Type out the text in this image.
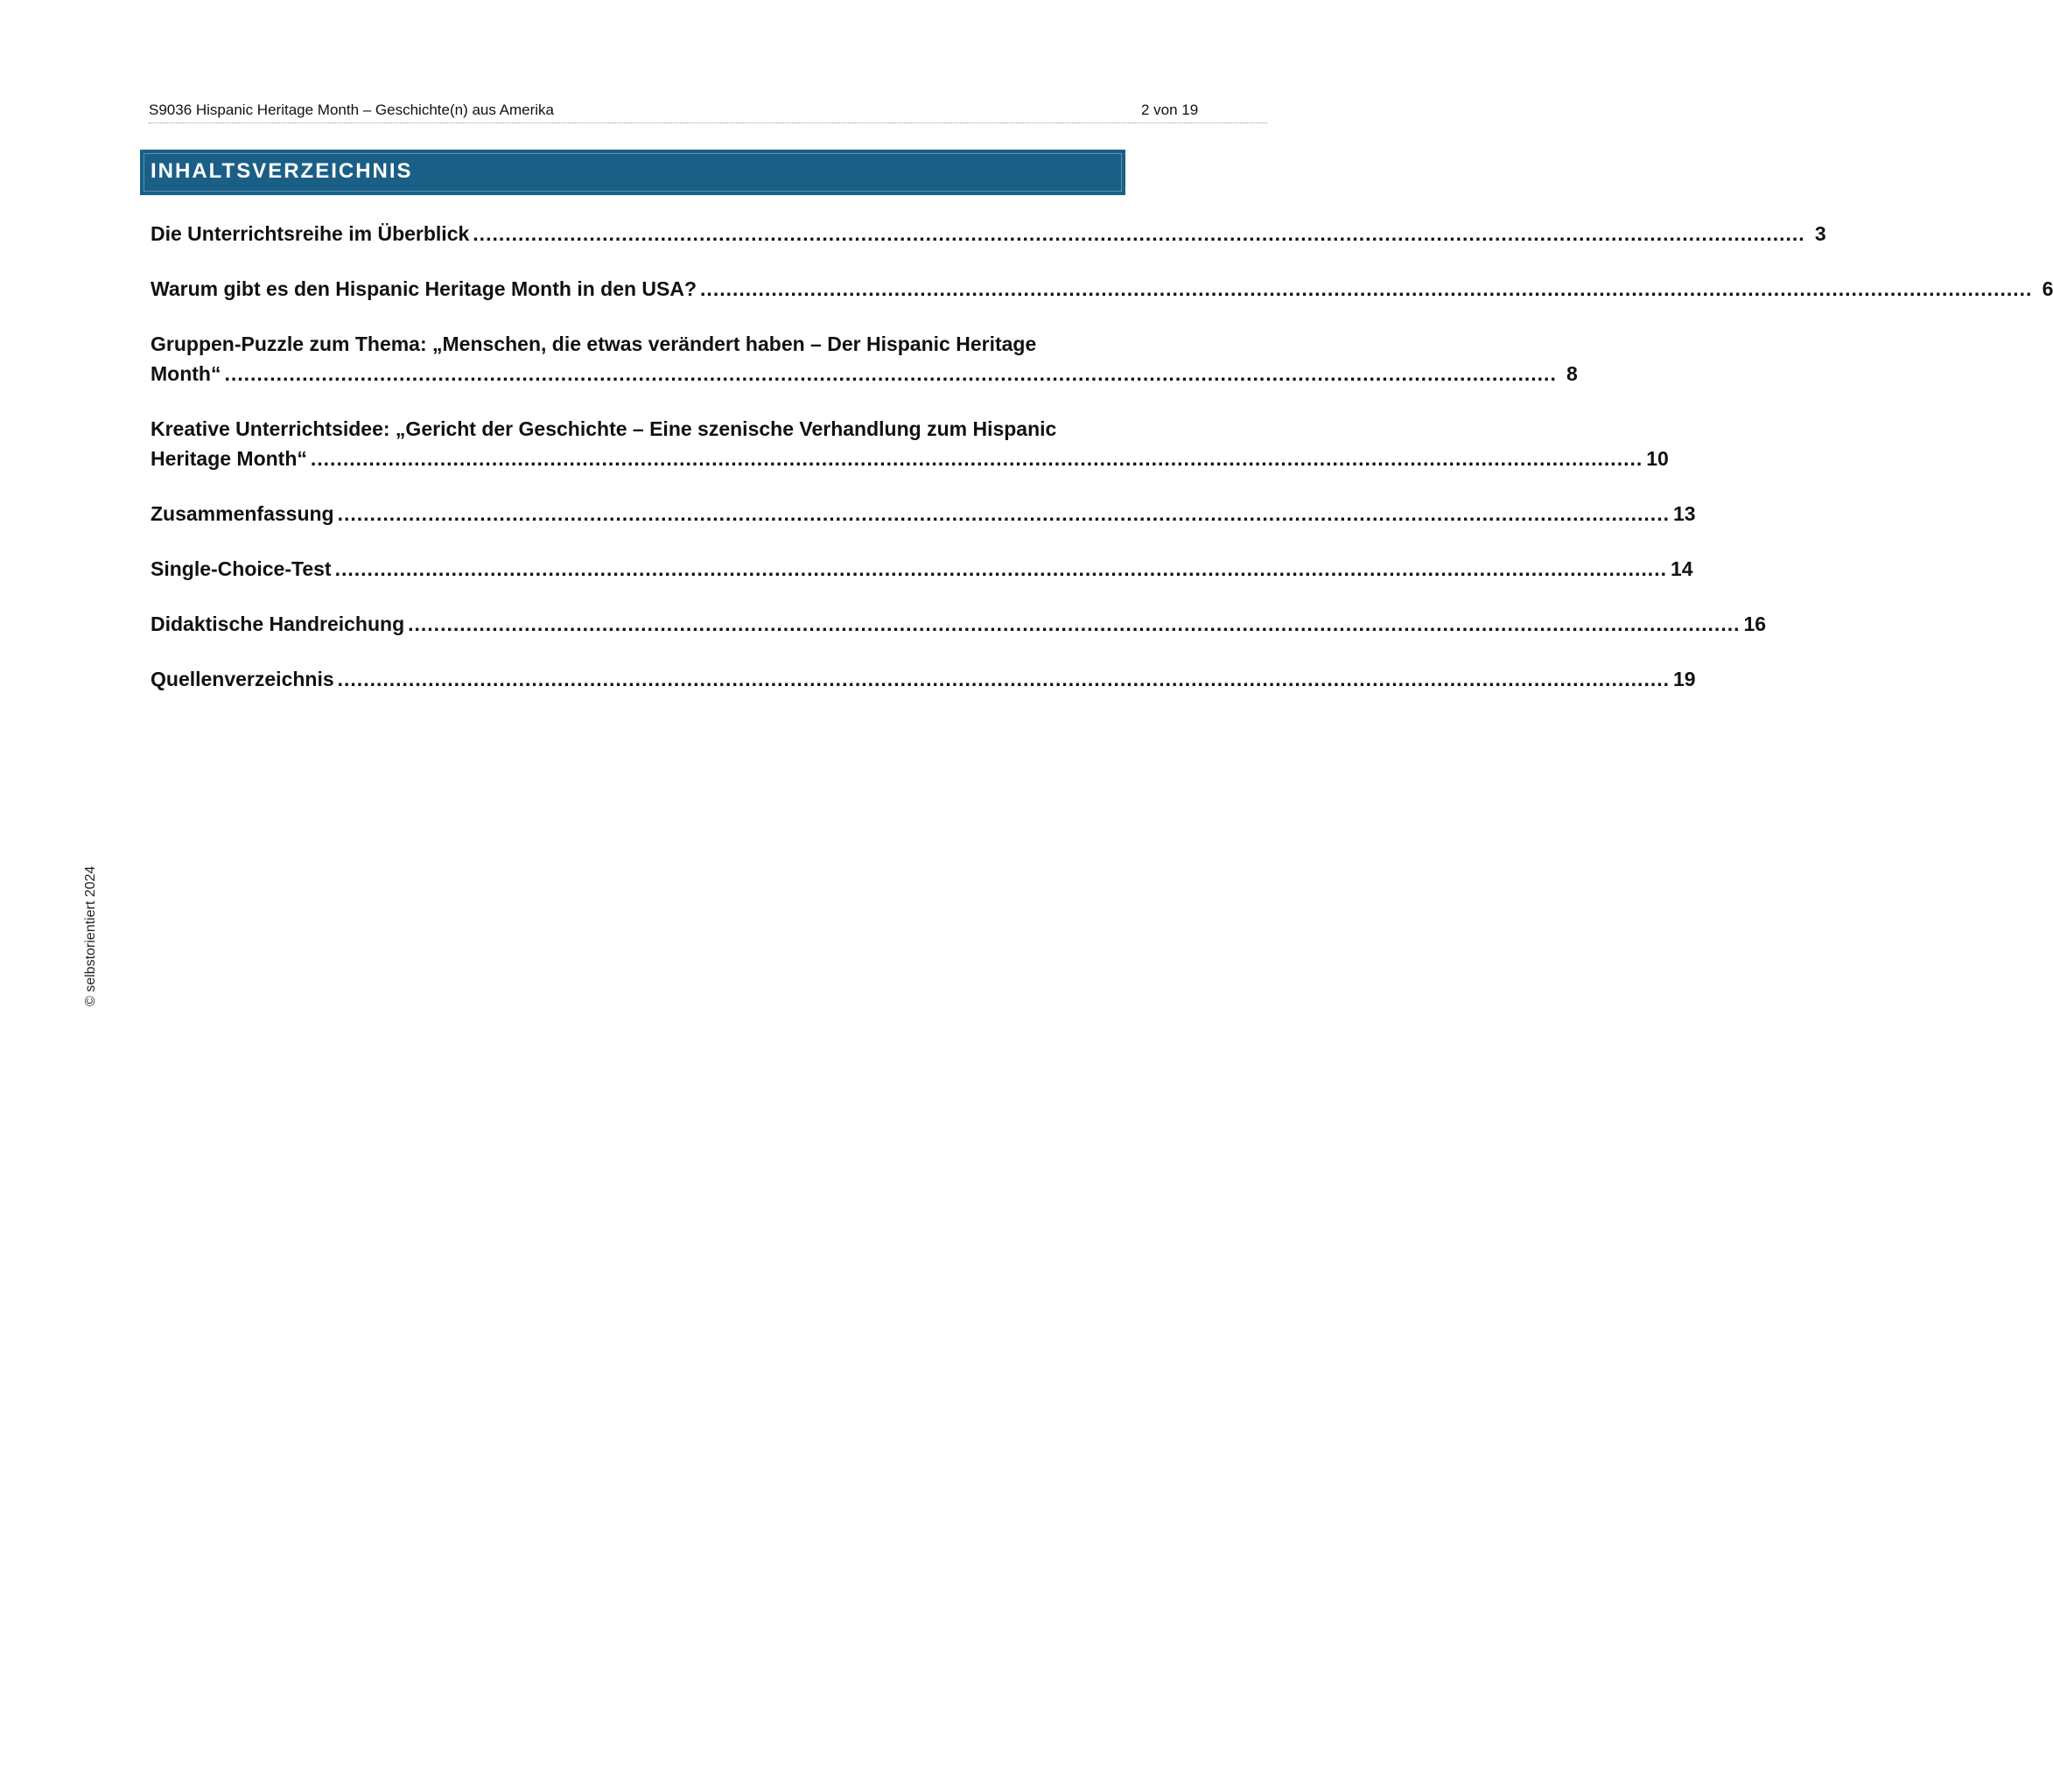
S9036 Hispanic Heritage Month – Geschichte(n) aus Amerika	2 von 19
INHALTSVERZEICHNIS
Die Unterrichtsreihe im Überblick .............................................................................................................................................................................................................. 3
Warum gibt es den Hispanic Heritage Month in den USA? .............................................................................................................................................................................................................. 6
Gruppen-Puzzle zum Thema: „Menschen, die etwas verändert haben – Der Hispanic Heritage
Month“ .............................................................................................................................................................................................................. 8
Kreative Unterrichtsidee: „Gericht der Geschichte – Eine szenische Verhandlung zum Hispanic
Heritage Month“ .............................................................................................................................................................................................................. 10
Zusammenfassung .............................................................................................................................................................................................................. 13
Single-Choice-Test .............................................................................................................................................................................................................. 14
Didaktische Handreichung .............................................................................................................................................................................................................. 16
Quellenverzeichnis .............................................................................................................................................................................................................. 19
© selbstorientiert 2024
